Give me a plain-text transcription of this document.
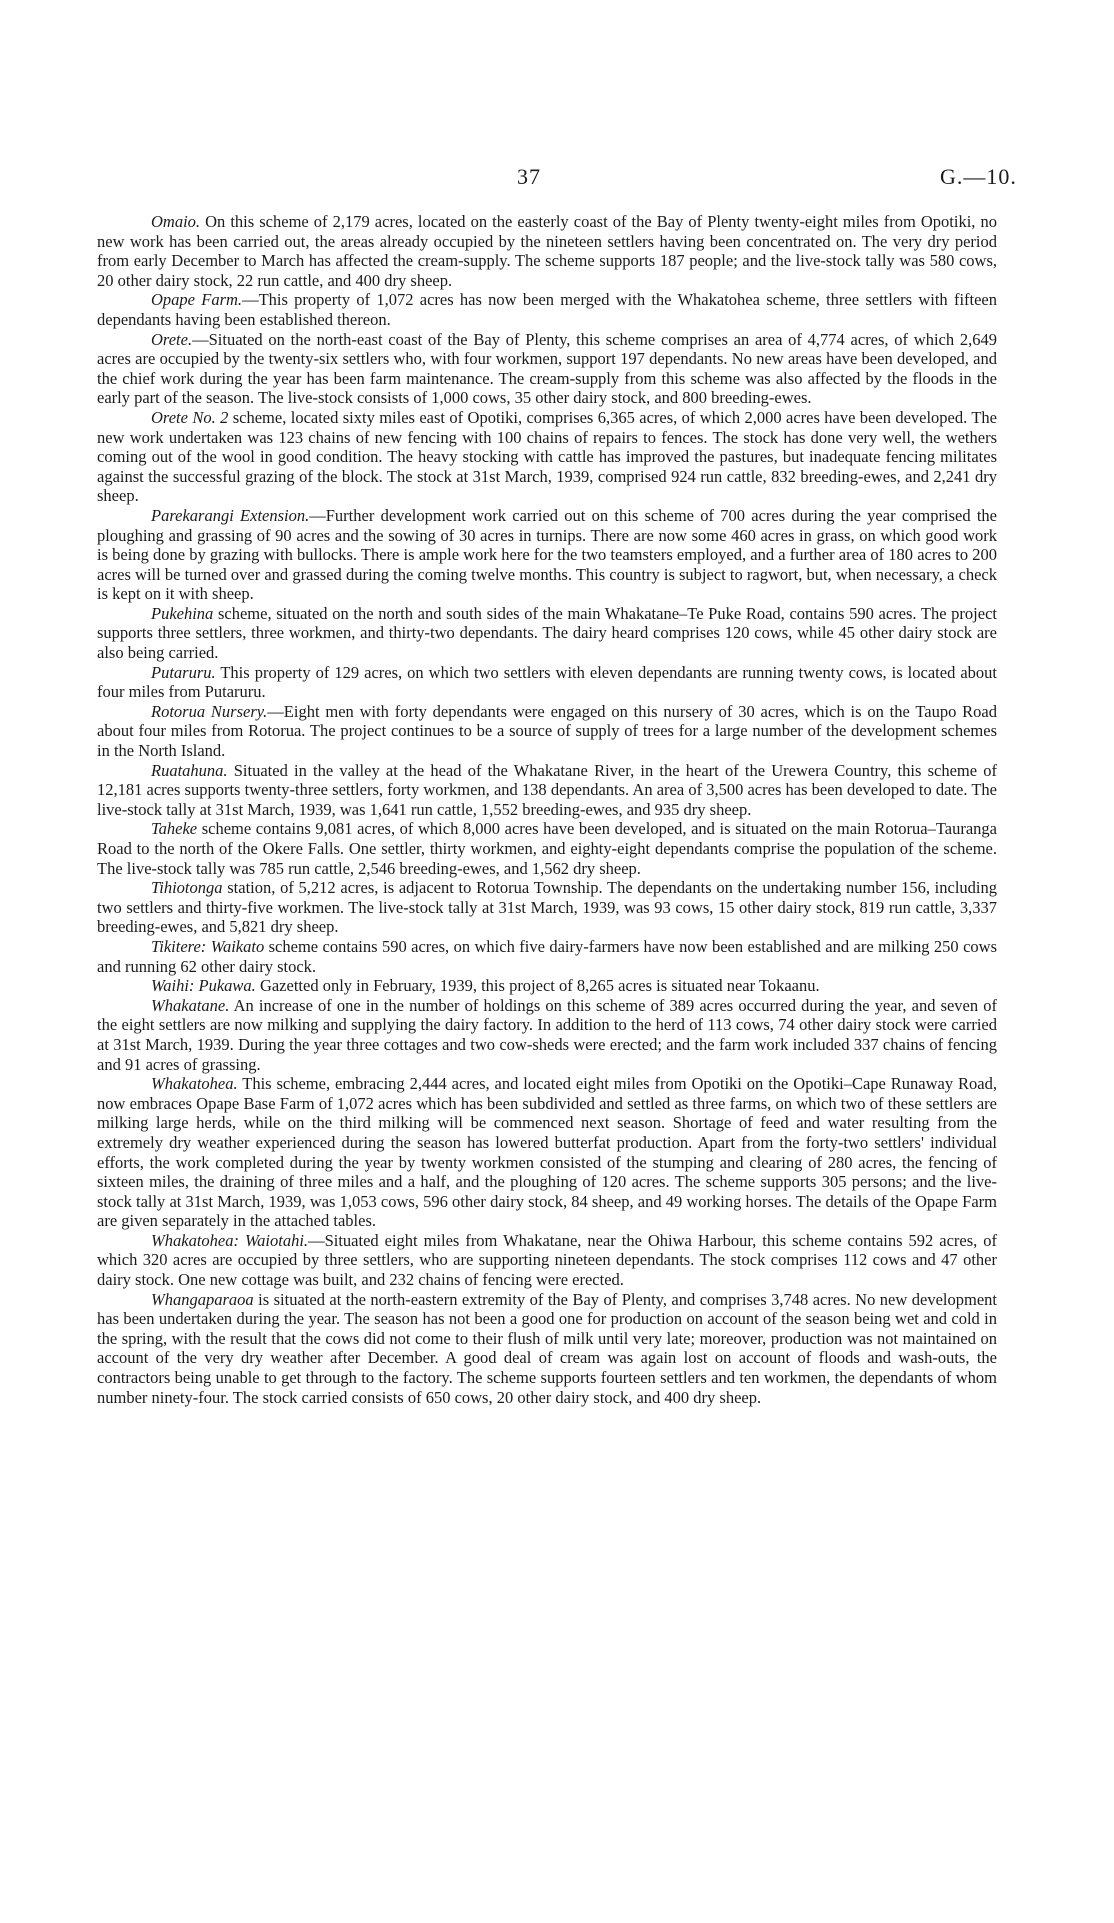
37	G.—10.

Omaio. On this scheme of 2,179 acres, located on the easterly coast of the Bay of Plenty twenty-eight miles from Opotiki, no new work has been carried out, the areas already occupied by the nineteen settlers having been concentrated on. The very dry period from early December to March has affected the cream-supply. The scheme supports 187 people; and the live-stock tally was 580 cows, 20 other dairy stock, 22 run cattle, and 400 dry sheep.

Opape Farm.—This property of 1,072 acres has now been merged with the Whakatohea scheme, three settlers with fifteen dependants having been established thereon.

Orete.—Situated on the north-east coast of the Bay of Plenty, this scheme comprises an area of 4,774 acres, of which 2,649 acres are occupied by the twenty-six settlers who, with four workmen, support 197 dependants. No new areas have been developed, and the chief work during the year has been farm maintenance. The cream-supply from this scheme was also affected by the floods in the early part of the season. The live-stock consists of 1,000 cows, 35 other dairy stock, and 800 breeding-ewes.

Orete No. 2 scheme, located sixty miles east of Opotiki, comprises 6,365 acres, of which 2,000 acres have been developed. The new work undertaken was 123 chains of new fencing with 100 chains of repairs to fences. The stock has done very well, the wethers coming out of the wool in good condition. The heavy stocking with cattle has improved the pastures, but inadequate fencing militates against the successful grazing of the block. The stock at 31st March, 1939, comprised 924 run cattle, 832 breeding-ewes, and 2,241 dry sheep.

Parekarangi Extension.—Further development work carried out on this scheme of 700 acres during the year comprised the ploughing and grassing of 90 acres and the sowing of 30 acres in turnips. There are now some 460 acres in grass, on which good work is being done by grazing with bullocks. There is ample work here for the two teamsters employed, and a further area of 180 acres to 200 acres will be turned over and grassed during the coming twelve months. This country is subject to ragwort, but, when necessary, a check is kept on it with sheep.

Pukehina scheme, situated on the north and south sides of the main Whakatane–Te Puke Road, contains 590 acres. The project supports three settlers, three workmen, and thirty-two dependants. The dairy heard comprises 120 cows, while 45 other dairy stock are also being carried.

Putaruru. This property of 129 acres, on which two settlers with eleven dependants are running twenty cows, is located about four miles from Putaruru.

Rotorua Nursery.—Eight men with forty dependants were engaged on this nursery of 30 acres, which is on the Taupo Road about four miles from Rotorua. The project continues to be a source of supply of trees for a large number of the development schemes in the North Island.

Ruatahuna. Situated in the valley at the head of the Whakatane River, in the heart of the Urewera Country, this scheme of 12,181 acres supports twenty-three settlers, forty workmen, and 138 dependants. An area of 3,500 acres has been developed to date. The live-stock tally at 31st March, 1939, was 1,641 run cattle, 1,552 breeding-ewes, and 935 dry sheep.

Taheke scheme contains 9,081 acres, of which 8,000 acres have been developed, and is situated on the main Rotorua–Tauranga Road to the north of the Okere Falls. One settler, thirty workmen, and eighty-eight dependants comprise the population of the scheme. The live-stock tally was 785 run cattle, 2,546 breeding-ewes, and 1,562 dry sheep.

Tihiotonga station, of 5,212 acres, is adjacent to Rotorua Township. The dependants on the undertaking number 156, including two settlers and thirty-five workmen. The live-stock tally at 31st March, 1939, was 93 cows, 15 other dairy stock, 819 run cattle, 3,337 breeding-ewes, and 5,821 dry sheep.

Tikitere: Waikato scheme contains 590 acres, on which five dairy-farmers have now been established and are milking 250 cows and running 62 other dairy stock.

Waihi: Pukawa. Gazetted only in February, 1939, this project of 8,265 acres is situated near Tokaanu.

Whakatane. An increase of one in the number of holdings on this scheme of 389 acres occurred during the year, and seven of the eight settlers are now milking and supplying the dairy factory. In addition to the herd of 113 cows, 74 other dairy stock were carried at 31st March, 1939. During the year three cottages and two cow-sheds were erected; and the farm work included 337 chains of fencing and 91 acres of grassing.

Whakatohea. This scheme, embracing 2,444 acres, and located eight miles from Opotiki on the Opotiki–Cape Runaway Road, now embraces Opape Base Farm of 1,072 acres which has been subdivided and settled as three farms, on which two of these settlers are milking large herds, while on the third milking will be commenced next season. Shortage of feed and water resulting from the extremely dry weather experienced during the season has lowered butterfat production. Apart from the forty-two settlers' individual efforts, the work completed during the year by twenty workmen consisted of the stumping and clearing of 280 acres, the fencing of sixteen miles, the draining of three miles and a half, and the ploughing of 120 acres. The scheme supports 305 persons; and the live-stock tally at 31st March, 1939, was 1,053 cows, 596 other dairy stock, 84 sheep, and 49 working horses. The details of the Opape Farm are given separately in the attached tables.

Whakatohea: Waiotahi.—Situated eight miles from Whakatane, near the Ohiwa Harbour, this scheme contains 592 acres, of which 320 acres are occupied by three settlers, who are supporting nineteen dependants. The stock comprises 112 cows and 47 other dairy stock. One new cottage was built, and 232 chains of fencing were erected.

Whangaparaoa is situated at the north-eastern extremity of the Bay of Plenty, and comprises 3,748 acres. No new development has been undertaken during the year. The season has not been a good one for production on account of the season being wet and cold in the spring, with the result that the cows did not come to their flush of milk until very late; moreover, production was not maintained on account of the very dry weather after December. A good deal of cream was again lost on account of floods and wash-outs, the contractors being unable to get through to the factory. The scheme supports fourteen settlers and ten workmen, the dependants of whom number ninety-four. The stock carried consists of 650 cows, 20 other dairy stock, and 400 dry sheep.
